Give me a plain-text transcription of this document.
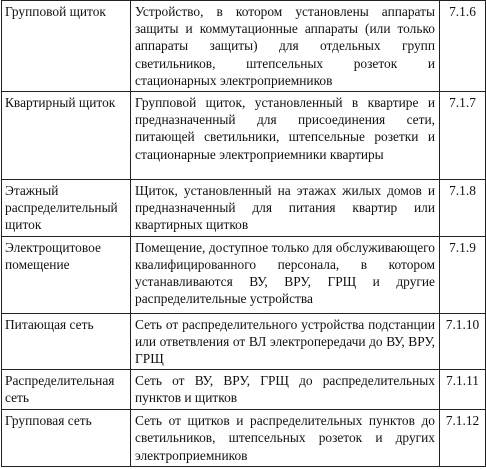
Групповой щиток	Устройство, в котором установлены аппараты защиты и коммутационные аппараты (или только аппараты защиты) для отдельных групп светильников, штепсельных розеток и стационарных электроприемников	7.1.6
Квартирный щиток	Групповой щиток, установленный в квартире и предназначенный для присоединения сети, питающей светильники, штепсельные розетки и стационарные электроприемники квартиры	7.1.7
Этажный распределительный щиток	Щиток, установленный на этажах жилых домов и предназначенный для питания квартир или квартирных щитков	7.1.8
Электрощитовое помещение	Помещение, доступное только для обслуживающего квалифицированного персонала, в котором устанавливаются ВУ, ВРУ, ГРЩ и другие распределительные устройства	7.1.9
Питающая сеть	Сеть от распределительного устройства подстанции или ответвления от ВЛ электропередачи до ВУ, ВРУ, ГРЩ	7.1.10
Распределительная сеть	Сеть от ВУ, ВРУ, ГРЩ до распределительных пунктов и щитков	7.1.11
Групповая сеть	Сеть от щитков и распределительных пунктов до светильников, штепсельных розеток и других электроприемников	7.1.12
